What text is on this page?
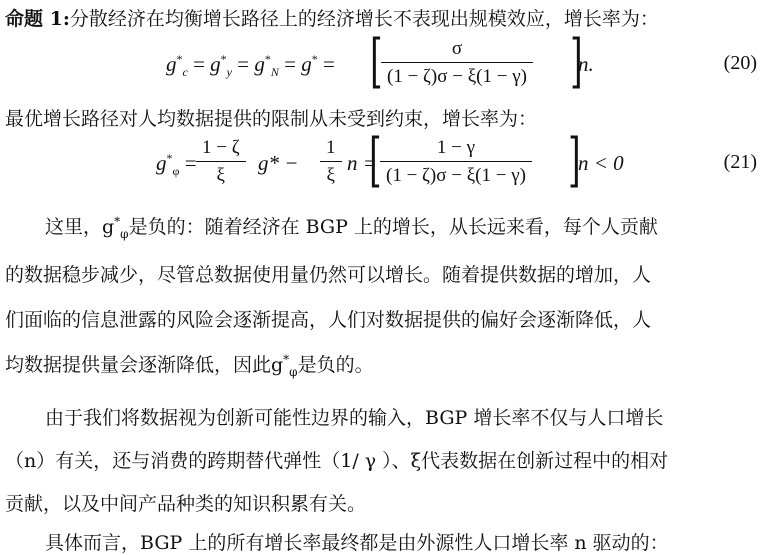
命题 1:分散经济在均衡增长路径上的经济增长不表现出规模效应，增长率为：
$g^*_c = g^*_y = g^*_N = g^*$ = [
$\frac{\sigma}{(1 - \zeta)\sigma - \xi(1 - \gamma)}$ ]
n.	(20)
最优增长路径对人均数据提供的限制从未受到约束，增长率为：
$g^*_\varphi = \frac{1 - \zeta}{\xi} g* - \frac{1}{\xi}$ n =
[
$\frac{1 - \gamma}{(1 - \zeta)\sigma - \xi(1 - \gamma)}$ ]
n < 0	(21)
这里，$g^*_\varphi$是负的：随着经济在 BGP 上的增长，从长远来看，每个人贡献
的数据稳步减少，尽管总数据使用量仍然可以增长。随着提供数据的增加，人
们面临的信息泄露的风险会逐渐提高，人们对数据提供的偏好会逐渐降低，人
均数据提供量会逐渐降低，因此$g^*_\varphi$是负的。
由于我们将数据视为创新可能性边界的输入，BGP 增长率不仅与人口增长
（n）有关，还与消费的跨期替代弹性（1/ γ ）、ξ代表数据在创新过程中的相对
贡献，以及中间产品种类的知识积累有关。
具体而言，BGP 上的所有增长率最终都是由外源性人口增长率 n 驱动的：
